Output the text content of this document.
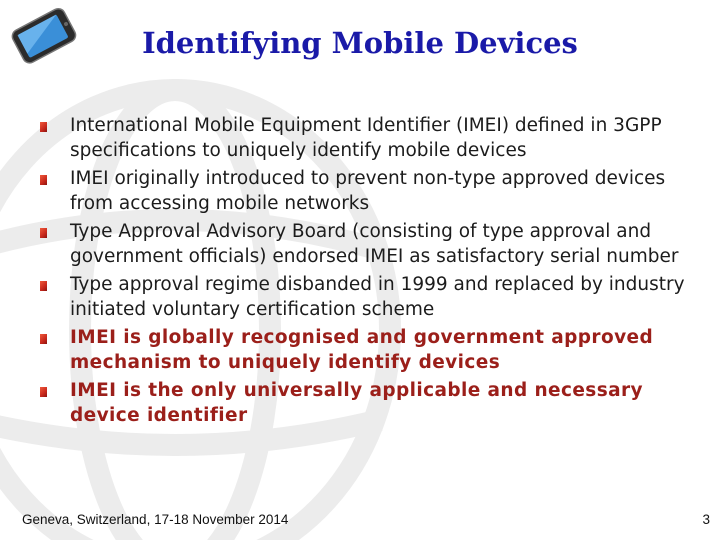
Identifying Mobile Devices
International Mobile Equipment Identifier (IMEI) defined in 3GPP specifications to uniquely identify mobile devices
IMEI originally introduced to prevent non-type approved devices from accessing mobile networks
Type Approval Advisory Board (consisting of type approval and government officials) endorsed IMEI as satisfactory serial number
Type approval regime disbanded in 1999 and replaced by industry initiated voluntary certification scheme
IMEI is globally recognised and government approved mechanism to uniquely identify devices
IMEI is the only universally applicable and necessary device identifier
Geneva, Switzerland, 17-18 November 2014	3
